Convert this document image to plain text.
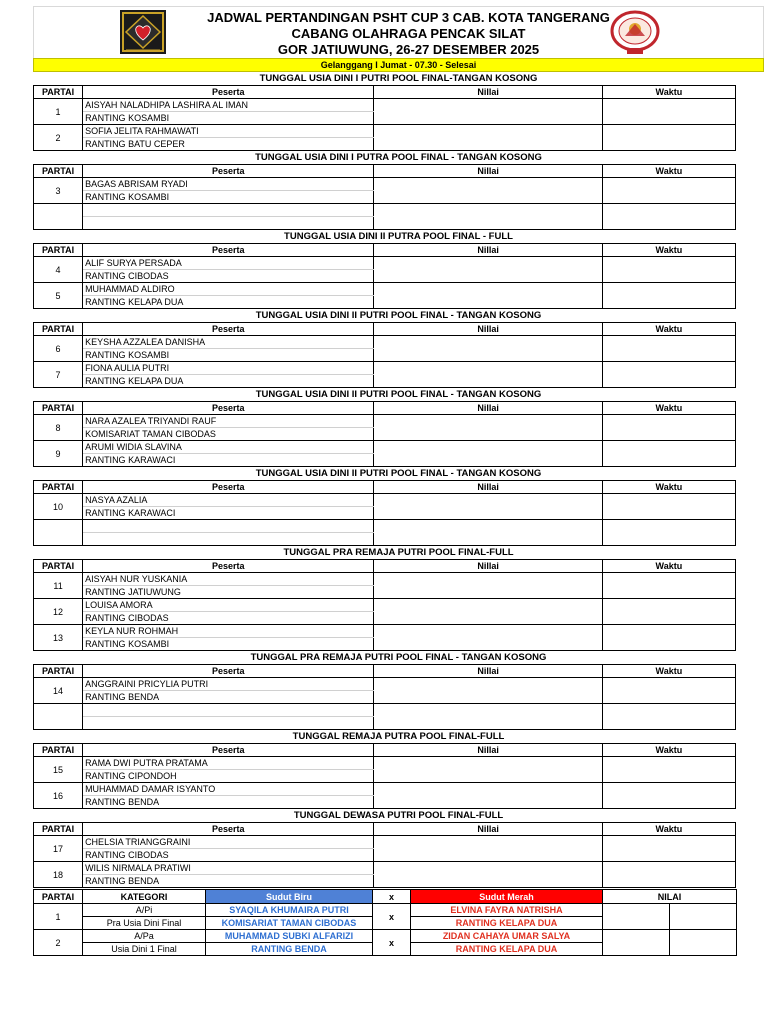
JADWAL PERTANDINGAN PSHT CUP 3 CAB. KOTA TANGERANG
CABANG OLAHRAGA PENCAK SILAT
GOR JATIUWUNG, 26-27 DESEMBER 2025
Gelanggang I Jumat - 07.30 - Selesai
TUNGGAL USIA DINI I PUTRI POOL FINAL-TANGAN KOSONG
PARTAI	Peserta	Nillai	Waktu
1	AISYAH NALADHIPA LASHIRA AL IMAN		
	RANTING KOSAMBI		
2	SOFIA JELITA RAHMAWATI		
	RANTING BATU CEPER		
TUNGGAL USIA DINI I PUTRA POOL FINAL - TANGAN KOSONG
PARTAI	Peserta	Nillai	Waktu
3	BAGAS ABRISAM RYADI		
	RANTING KOSAMBI		

TUNGGAL USIA DINI II PUTRA POOL FINAL - FULL
PARTAI	Peserta	Nillai	Waktu
4	ALIF SURYA PERSADA		
	RANTING CIBODAS		
5	MUHAMMAD ALDIRO		
	RANTING KELAPA DUA		
TUNGGAL USIA DINI II PUTRI POOL FINAL - TANGAN KOSONG
PARTAI	Peserta	Nillai	Waktu
6	KEYSHA AZZALEA DANISHA		
	RANTING KOSAMBI		
7	FIONA AULIA PUTRI		
	RANTING KELAPA DUA		
TUNGGAL USIA DINI II PUTRI POOL FINAL - TANGAN KOSONG
PARTAI	Peserta	Nillai	Waktu
8	NARA AZALEA TRIYANDI RAUF		
	KOMISARIAT TAMAN CIBODAS		
9	ARUMI WIDIA SLAVINA		
	RANTING KARAWACI		
TUNGGAL USIA DINI II PUTRI POOL FINAL - TANGAN KOSONG
PARTAI	Peserta	Nillai	Waktu
10	NASYA AZALIA		
	RANTING KARAWACI		

TUNGGAL PRA REMAJA PUTRI POOL FINAL-FULL
PARTAI	Peserta	Nillai	Waktu
11	AISYAH NUR YUSKANIA		
	RANTING JATIUWUNG		
12	LOUISA AMORA		
	RANTING CIBODAS		
13	KEYLA NUR ROHMAH		
	RANTING KOSAMBI		
TUNGGAL PRA REMAJA PUTRI POOL FINAL - TANGAN KOSONG
PARTAI	Peserta	Nillai	Waktu
14	ANGGRAINI PRICYLIA PUTRI		
	RANTING BENDA		

TUNGGAL REMAJA PUTRA POOL FINAL-FULL
PARTAI	Peserta	Nillai	Waktu
15	RAMA DWI PUTRA PRATAMA		
	RANTING CIPONDOH		
16	MUHAMMAD DAMAR ISYANTO		
	RANTING BENDA		
TUNGGAL DEWASA PUTRI POOL FINAL-FULL
PARTAI	Peserta	Nillai	Waktu
17	CHELSIA TRIANGGRAINI		
	RANTING CIBODAS		
18	WILIS NIRMALA PRATIWI		
	RANTING BENDA		
PARTAI	KATEGORI	Sudut Biru	x	Sudut Merah	NILAI	
1	A/Pi	SYAQILA KHUMAIRA PUTRI	x	ELVINA FAYRA NATRISHA		
	Pra Usia Dini Final	KOMISARIAT TAMAN CIBODAS		RANTING KELAPA DUA		
2	A/Pa	MUHAMMAD SUBKI ALFARIZI	x	ZIDAN CAHAYA UMAR SALYA		
	Usia Dini 1 Final	RANTING BENDA		RANTING KELAPA DUA		
